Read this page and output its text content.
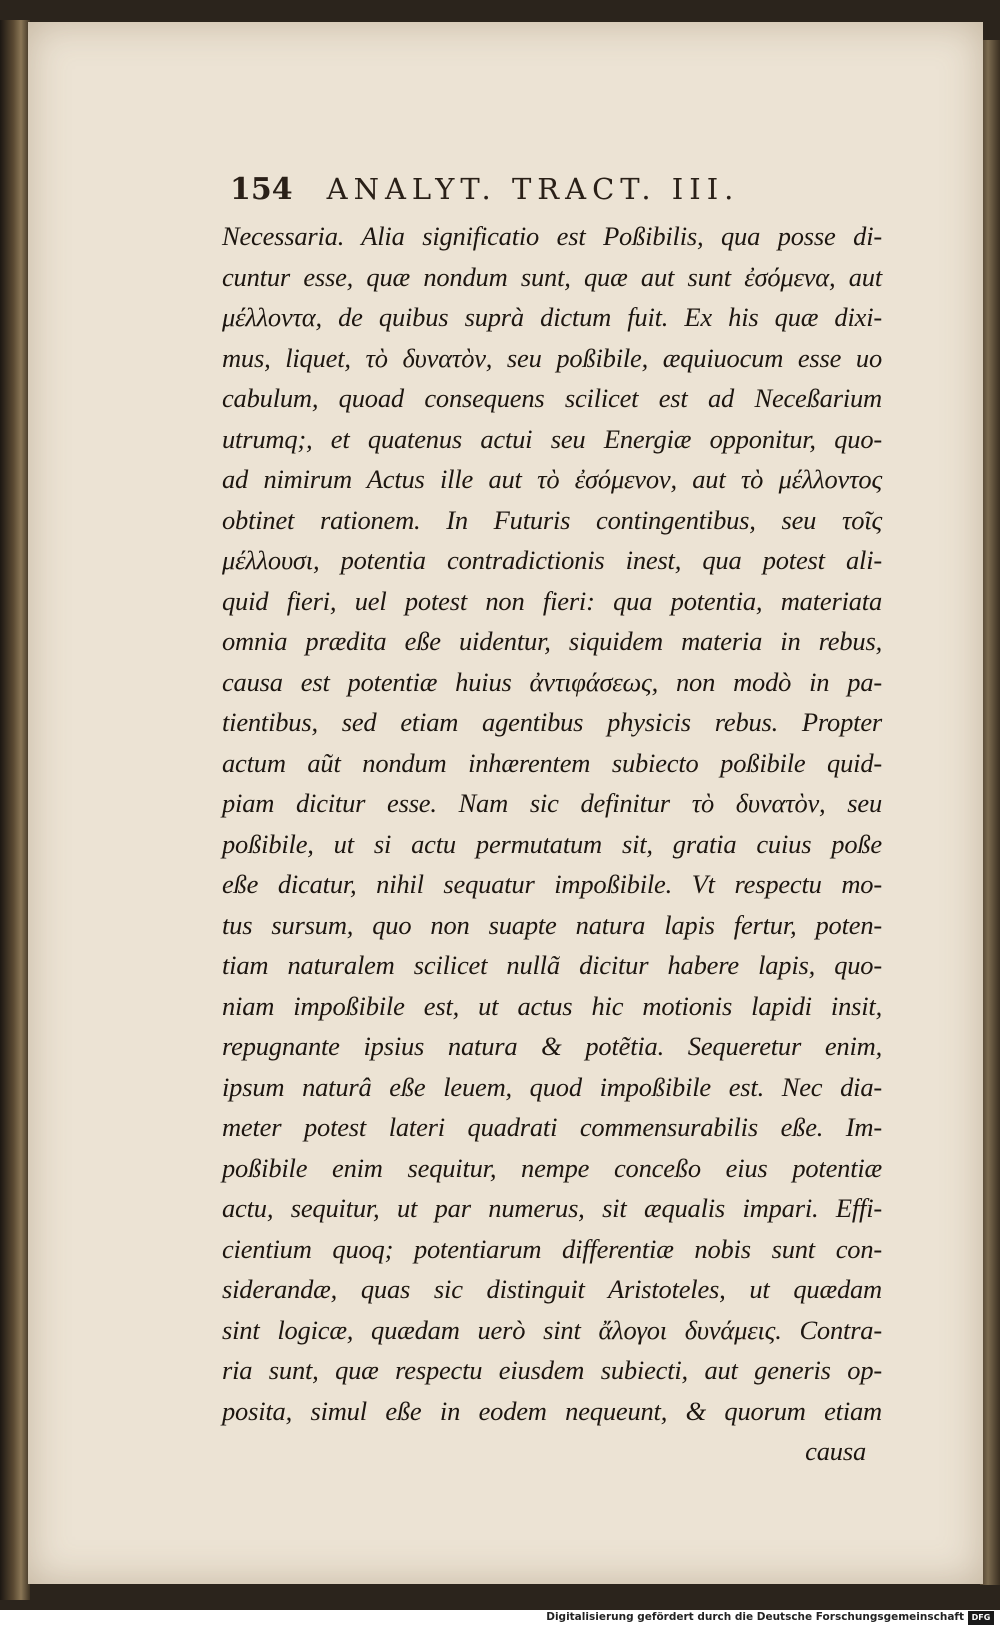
154 ANALYT. TRACT. III.
Necessaria. Alia significatio est Poßibilis, qua posse di-
cuntur esse, quæ nondum sunt, quæ aut sunt ἐσόμενα, aut
μέλλοντα, de quibus suprà dictum fuit. Ex his quæ dixi-
mus, liquet, τὸ δυνατὸν, seu poßibile, æquiuocum esse uo
cabulum, quoad consequens scilicet est ad Neceßarium
utrumq;, et quatenus actui seu Energiæ opponitur, quo-
ad nimirum Actus ille aut τὸ ἐσόμενον, aut τὸ μέλλοντος
obtinet rationem. In Futuris contingentibus, seu τοῖς
μέλλουσι, potentia contradictionis inest, qua potest ali-
quid fieri, uel potest non fieri: qua potentia, materiata
omnia prædita eße uidentur, siquidem materia in rebus,
causa est potentiæ huius ἀντιφάσεως, non modò in pa-
tientibus, sed etiam agentibus physicis rebus. Propter
actum aũt nondum inhærentem subiecto poßibile quid-
piam dicitur esse. Nam sic definitur τὸ δυνατὸν, seu
poßibile, ut si actu permutatum sit, gratia cuius poße
eße dicatur, nihil sequatur impoßibile. Vt respectu mo-
tus sursum, quo non suapte natura lapis fertur, poten-
tiam naturalem scilicet nullã dicitur habere lapis, quo-
niam impoßibile est, ut actus hic motionis lapidi insit,
repugnante ipsius natura & potẽtia. Sequeretur enim,
ipsum naturâ eße leuem, quod impoßibile est. Nec dia-
meter potest lateri quadrati commensurabilis eße. Im-
poßibile enim sequitur, nempe conceßo eius potentiæ
actu, sequitur, ut par numerus, sit æqualis impari. Effi-
cientium quoq; potentiarum differentiæ nobis sunt con-
siderandæ, quas sic distinguit Aristoteles, ut quædam
sint logicæ, quædam uerò sint ἄλογοι δυνάμεις. Contra-
ria sunt, quæ respectu eiusdem subiecti, aut generis op-
posita, simul eße in eodem nequeunt, & quorum etiam
causa
Digitalisierung gefördert durch die Deutsche Forschungsgemeinschaft DFG
